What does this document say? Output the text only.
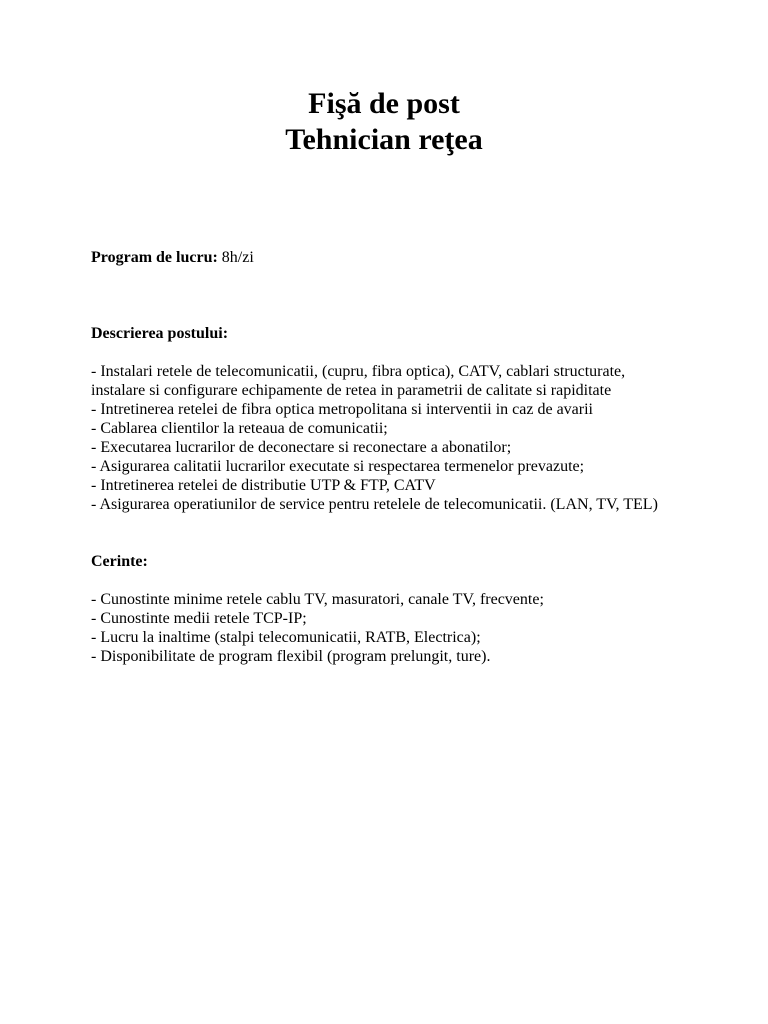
Fişă de post

Tehnician reţea

Program de lucru: 8h/zi

Descrierea postului:

- Instalari retele de telecomunicatii, (cupru, fibra optica), CATV, cablari structurate, instalare si configurare echipamente de retea in parametrii de calitate si rapiditate
- Intretinerea retelei de fibra optica metropolitana si interventii in caz de avarii
- Cablarea clientilor la reteaua de comunicatii;
- Executarea lucrarilor de deconectare si reconectare a abonatilor;
- Asigurarea calitatii lucrarilor executate si respectarea termenelor prevazute;
- Intretinerea retelei de distributie UTP & FTP, CATV
- Asigurarea operatiunilor de service pentru retelele de telecomunicatii. (LAN, TV, TEL)

Cerinte:

- Cunostinte minime retele cablu TV, masuratori, canale TV, frecvente;
- Cunostinte medii retele TCP-IP;
- Lucru la inaltime (stalpi telecomunicatii, RATB, Electrica);
- Disponibilitate de program flexibil (program prelungit, ture).
